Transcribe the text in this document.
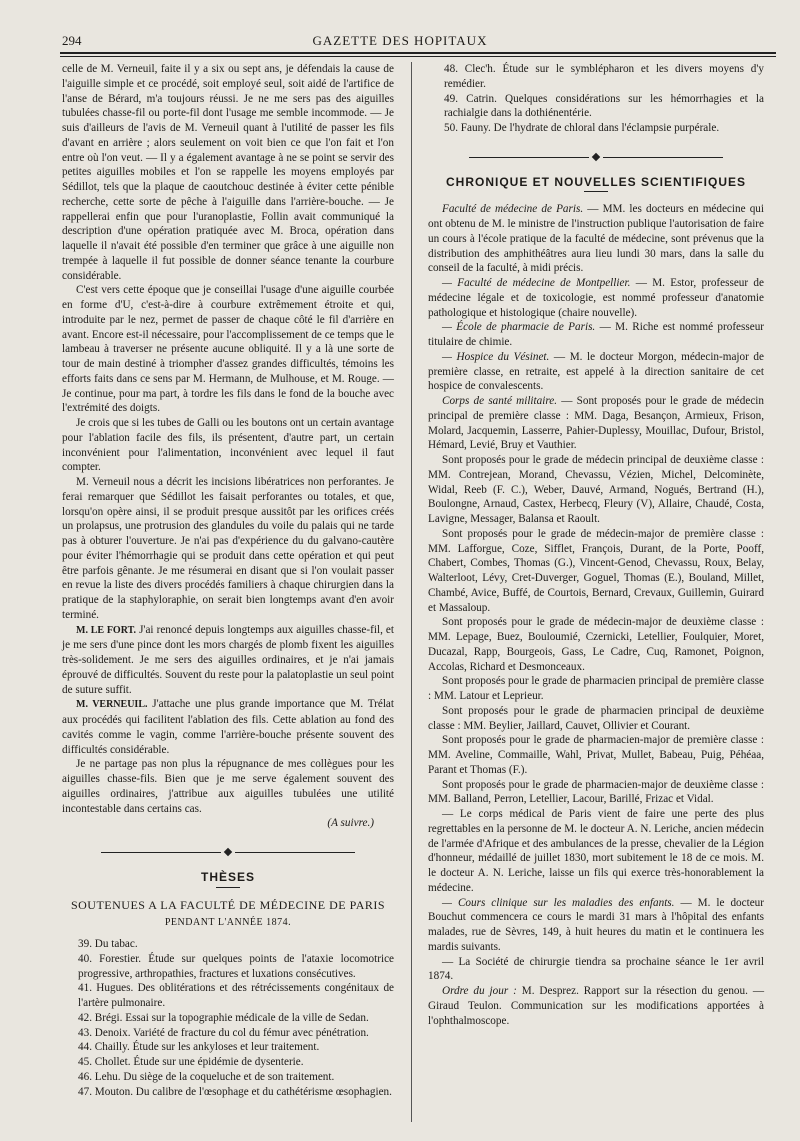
294	GAZETTE DES HOPITAUX

celle de M. Verneuil, faite il y a six ou sept ans, je défendais la cause de l'aiguille simple et ce procédé, soit employé seul, soit aidé de l'artifice de l'anse de Bérard, m'a toujours réussi. Je ne me sers pas des aiguilles tubulées chasse-fil ou porte-fil dont l'usage me semble incommode. — Je suis d'ailleurs de l'avis de M. Verneuil quant à l'utilité de passer les fils d'avant en arrière ; alors seulement on voit bien ce que l'on fait et l'on entre où l'on veut. — Il y a également avantage à ne se point se servir des petites aiguilles mobiles et l'on se rappelle les moyens employés par Sédillot, tels que la plaque de caoutchouc destinée à éviter cette pénible recherche, cette sorte de pêche à l'aiguille dans l'arrière-bouche. — Je rappellerai enfin que pour l'uranoplastie, Follin avait communiqué la description d'une opération pratiquée avec M. Broca, opération dans laquelle il n'avait été possible d'en terminer que grâce à une aiguille non trempée à laquelle il fut possible de donner séance tenante la courbure considérable.

C'est vers cette époque que je conseillai l'usage d'une aiguille courbée en forme d'U, c'est-à-dire à courbure extrêmement étroite et qui, introduite par le nez, permet de passer de chaque côté le fil d'arrière en avant. Encore est-il nécessaire, pour l'accomplissement de ce temps que le lambeau à traverser ne présente aucune obliquité. Il y a là une sorte de tour de main destiné à triompher d'assez grandes difficultés, témoins les efforts faits dans ce sens par M. Hermann, de Mulhouse, et M. Rouge. — Je continue, pour ma part, à tordre les fils dans le fond de la bouche avec l'extrémité des doigts.

Je crois que si les tubes de Galli ou les boutons ont un certain avantage pour l'ablation facile des fils, ils présentent, d'autre part, un certain inconvénient pour l'alimentation, inconvénient avec lequel il faut compter.

M. Verneuil nous a décrit les incisions libératrices non perforantes. Je ferai remarquer que Sédillot les faisait perforantes ou totales, et que, lorsqu'on opère ainsi, il se produit presque aussitôt par les orifices créés un prolapsus, une protrusion des glandules du voile du palais qui ne tarde pas à obturer l'ouverture. Je n'ai pas d'expérience du du galvano-cautère pour éviter l'hémorrhagie qui se produit dans cette opération et qui peut être parfois gênante. Je me résumerai en disant que si l'on voulait passer en revue la liste des divers procédés familiers à chaque chirurgien dans la pratique de la staphyloraphie, on serait bien longtemps avant d'en avoir terminé.

M. LE FORT. J'ai renoncé depuis longtemps aux aiguilles chasse-fil, et je me sers d'une pince dont les mors chargés de plomb fixent les aiguilles très-solidement. Je me sers des aiguilles ordinaires, et je n'ai jamais éprouvé de difficultés. Souvent du reste pour la palatoplastie un seul point de suture suffit.

M. VERNEUIL. J'attache une plus grande importance que M. Trélat aux procédés qui facilitent l'ablation des fils. Cette ablation au fond des cavités comme le vagin, comme l'arrière-bouche présente souvent des difficultés considérable.

Je ne partage pas non plus la répugnance de mes collègues pour les aiguilles chasse-fils. Bien que je me serve également souvent des aiguilles ordinaires, j'attribue aux aiguilles tubulées une utilité incontestable dans certains cas.

(A suivre.)

THÈSES
SOUTENUES A LA FACULTÉ DE MÉDECINE DE PARIS
PENDANT L'ANNÉE 1874.

39. Du tabac.

40. Forestier. Étude sur quelques points de l'ataxie locomotrice progressive, arthropathies, fractures et luxations consécutives.

41. Hugues. Des oblitérations et des rétrécissements congénitaux de l'artère pulmonaire.

42. Brégi. Essai sur la topographie médicale de la ville de Sedan.

43. Denoix. Variété de fracture du col du fémur avec pénétration.

44. Chailly. Étude sur les ankyloses et leur traitement.

45. Chollet. Étude sur une épidémie de dysenterie.

46. Lehu. Du siège de la coqueluche et de son traitement.

47. Mouton. Du calibre de l'œsophage et du cathétérisme œsophagien.

48. Clec'h. Étude sur le symblépharon et les divers moyens d'y remédier.

49. Catrin. Quelques considérations sur les hémorrhagies et la rachialgie dans la dothiénentérie.

50. Fauny. De l'hydrate de chloral dans l'éclampsie purpérale.

CHRONIQUE ET NOUVELLES SCIENTIFIQUES

Faculté de médecine de Paris. — MM. les docteurs en médecine qui ont obtenu de M. le ministre de l'instruction publique l'autorisation de faire un cours à l'école pratique de la faculté de médecine, sont prévenus que la distribution des amphithéâtres aura lieu lundi 30 mars, dans la salle du conseil de la faculté, à midi précis.

— Faculté de médecine de Montpellier. — M. Estor, professeur de médecine légale et de toxicologie, est nommé professeur d'anatomie pathologique et histologique (chaire nouvelle).

— École de pharmacie de Paris. — M. Riche est nommé professeur titulaire de chimie.

— Hospice du Vésinet. — M. le docteur Morgon, médecin-major de première classe, en retraite, est appelé à la direction sanitaire de cet hospice de convalescents.

Corps de santé militaire. — Sont proposés pour le grade de médecin principal de première classe : MM. Daga, Besançon, Armieux, Frison, Molard, Jacquemin, Lasserre, Pahier-Duplessy, Mouillac, Dufour, Bristol, Hémard, Levié, Bruy et Vauthier.

Sont proposés pour le grade de médecin principal de deuxième classe : MM. Contrejean, Morand, Chevassu, Vézien, Michel, Delcominète, Widal, Reeb (F. C.), Weber, Dauvé, Armand, Nogués, Bertrand (H.), Boulongne, Arnaud, Castex, Herbecq, Fleury (V), Allaire, Chaudé, Costa, Lavigne, Messager, Balansa et Raoult.

Sont proposés pour le grade de médecin-major de première classe : MM. Lafforgue, Coze, Sifflet, François, Durant, de la Porte, Pooff, Chabert, Combes, Thomas (G.), Vincent-Genod, Chevassu, Roux, Belay, Walterloot, Lévy, Cret-Duverger, Goguel, Thomas (E.), Bouland, Millet, Chambé, Avice, Buffé, de Courtois, Bernard, Crevaux, Guillemin, Guirard et Massaloup.

Sont proposés pour le grade de médecin-major de deuxième classe : MM. Lepage, Buez, Bouloumié, Czernicki, Letellier, Foulquier, Moret, Ducazal, Rapp, Bourgeois, Gass, Le Cadre, Cuq, Ramonet, Poignon, Accolas, Richard et Desmonceaux.

Sont proposés pour le grade de pharmacien principal de première classe : MM. Latour et Leprieur.

Sont proposés pour le grade de pharmacien principal de deuxième classe : MM. Beylier, Jaillard, Cauvet, Ollivier et Courant.

Sont proposés pour le grade de pharmacien-major de première classe : MM. Aveline, Commaille, Wahl, Privat, Mullet, Babeau, Puig, Péhéaa, Parant et Thomas (F.).

Sont proposés pour le grade de pharmacien-major de deuxième classe : MM. Balland, Perron, Letellier, Lacour, Barillé, Frizac et Vidal.

— Le corps médical de Paris vient de faire une perte des plus regrettables en la personne de M. le docteur A. N. Leriche, ancien médecin de l'armée d'Afrique et des ambulances de la presse, chevalier de la Légion d'honneur, médaillé de juillet 1830, mort subitement le 18 de ce mois. M. le docteur A. N. Leriche, laisse un fils qui exerce très-honorablement la médecine.

— Cours clinique sur les maladies des enfants. — M. le docteur Bouchut commencera ce cours le mardi 31 mars à l'hôpital des enfants malades, rue de Sèvres, 149, à huit heures du matin et le continuera les mardis suivants.

— La Société de chirurgie tiendra sa prochaine séance le 1er avril 1874.

Ordre du jour : M. Desprez. Rapport sur la résection du genou. — Giraud Teulon. Communication sur les modifications apportées à l'ophthalmoscope.
